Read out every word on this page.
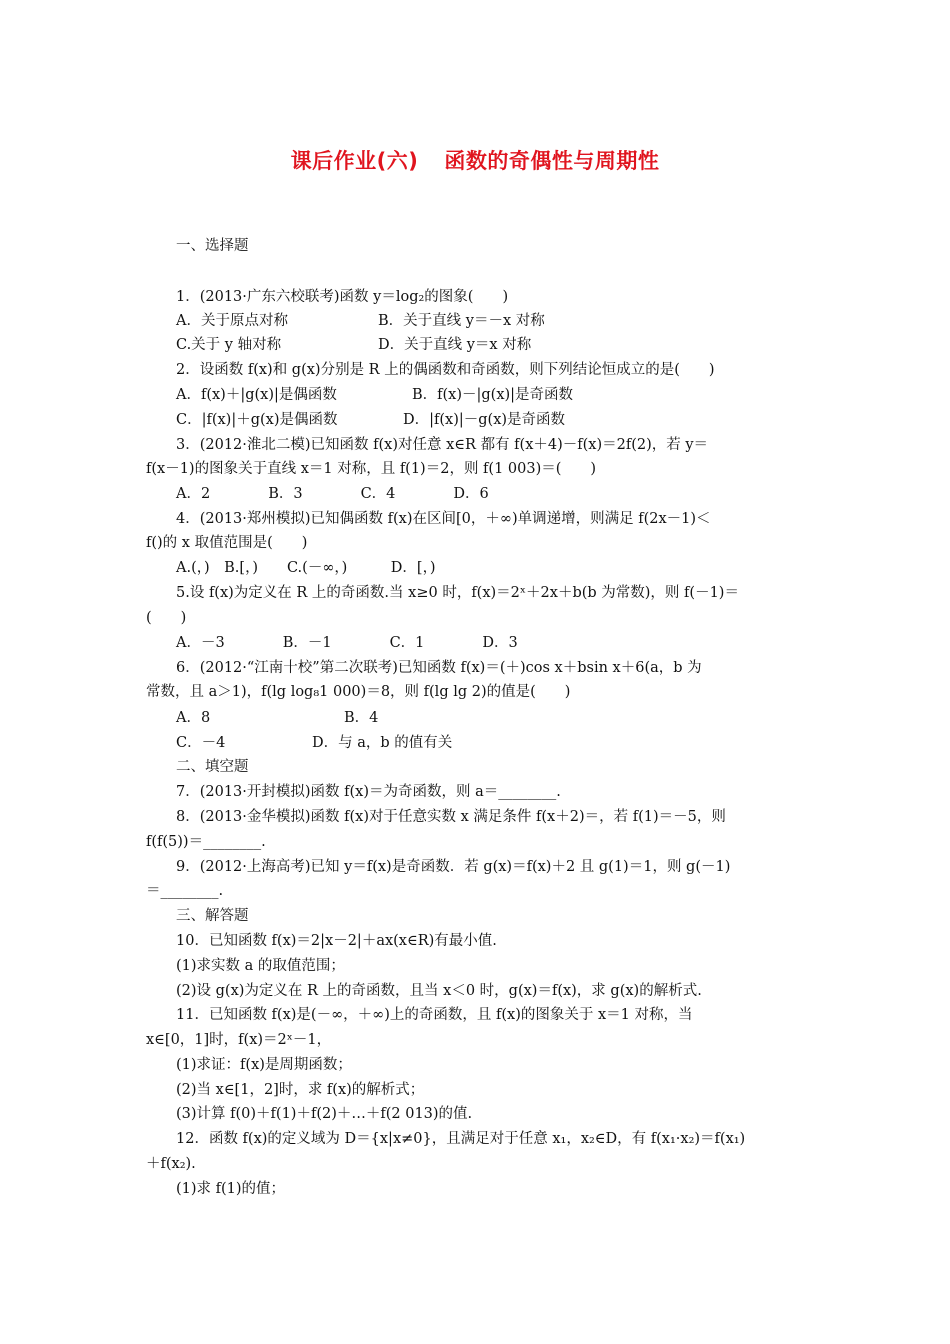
课后作业(六) 函数的奇偶性与周期性
一、选择题
1．(2013·广东六校联考)函数 y＝log₂的图象(　　)
A．关于原点对称	B．关于直线 y＝－x 对称
C.关于 y 轴对称	D．关于直线 y＝x 对称
2．设函数 f(x)和 g(x)分别是 R 上的偶函数和奇函数，则下列结论恒成立的是(　　)
A．f(x)＋|g(x)|是偶函数	B．f(x)－|g(x)|是奇函数
C．|f(x)|＋g(x)是偶函数	D．|f(x)|－g(x)是奇函数
3．(2012·淮北二模)已知函数 f(x)对任意 x∈R 都有 f(x＋4)－f(x)＝2f(2)，若 y＝
f(x－1)的图象关于直线 x＝1 对称，且 f(1)＝2，则 f(1 003)＝(　　)
A．2　　　　B．3　　　　C．4　　　　D．6
4．(2013·郑州模拟)已知偶函数 f(x)在区间[0，＋∞)单调递增，则满足 f(2x－1)＜
f()的 x 取值范围是(　　)
A.(，)　B.[，)　　C.(－∞，)　　　D．[，)
5.设 f(x)为定义在 R 上的奇函数.当 x≥0 时，f(x)＝2ˣ＋2x＋b(b 为常数)，则 f(－1)＝
(　　)
A．－3　　　　B．－1　　　　C．1　　　　D．3
6．(2012·“江南十校”第二次联考)已知函数 f(x)＝(＋)cos x＋bsin x＋6(a，b 为
常数，且 a＞1)，f(lg log₈1 000)＝8，则 f(lg lg 2)的值是(　　)
A．8	B．4
C．－4	D．与 a，b 的值有关
二、填空题
7．(2013·开封模拟)函数 f(x)＝为奇函数，则 a＝________.
8．(2013·金华模拟)函数 f(x)对于任意实数 x 满足条件 f(x＋2)＝，若 f(1)＝－5，则
f(f(5))＝________.
9．(2012·上海高考)已知 y＝f(x)是奇函数．若 g(x)＝f(x)＋2 且 g(1)＝1，则 g(－1)
＝________.
三、解答题
10．已知函数 f(x)＝2|x－2|＋ax(x∈R)有最小值.
(1)求实数 a 的取值范围；
(2)设 g(x)为定义在 R 上的奇函数，且当 x＜0 时，g(x)＝f(x)，求 g(x)的解析式.
11．已知函数 f(x)是(－∞，＋∞)上的奇函数，且 f(x)的图象关于 x＝1 对称，当
x∈[0，1]时，f(x)＝2ˣ－1，
(1)求证：f(x)是周期函数；
(2)当 x∈[1，2]时，求 f(x)的解析式；
(3)计算 f(0)＋f(1)＋f(2)＋…＋f(2 013)的值.
12．函数 f(x)的定义域为 D＝{x|x≠0}，且满足对于任意 x₁，x₂∈D，有 f(x₁·x₂)＝f(x₁)
＋f(x₂).
(1)求 f(1)的值；
